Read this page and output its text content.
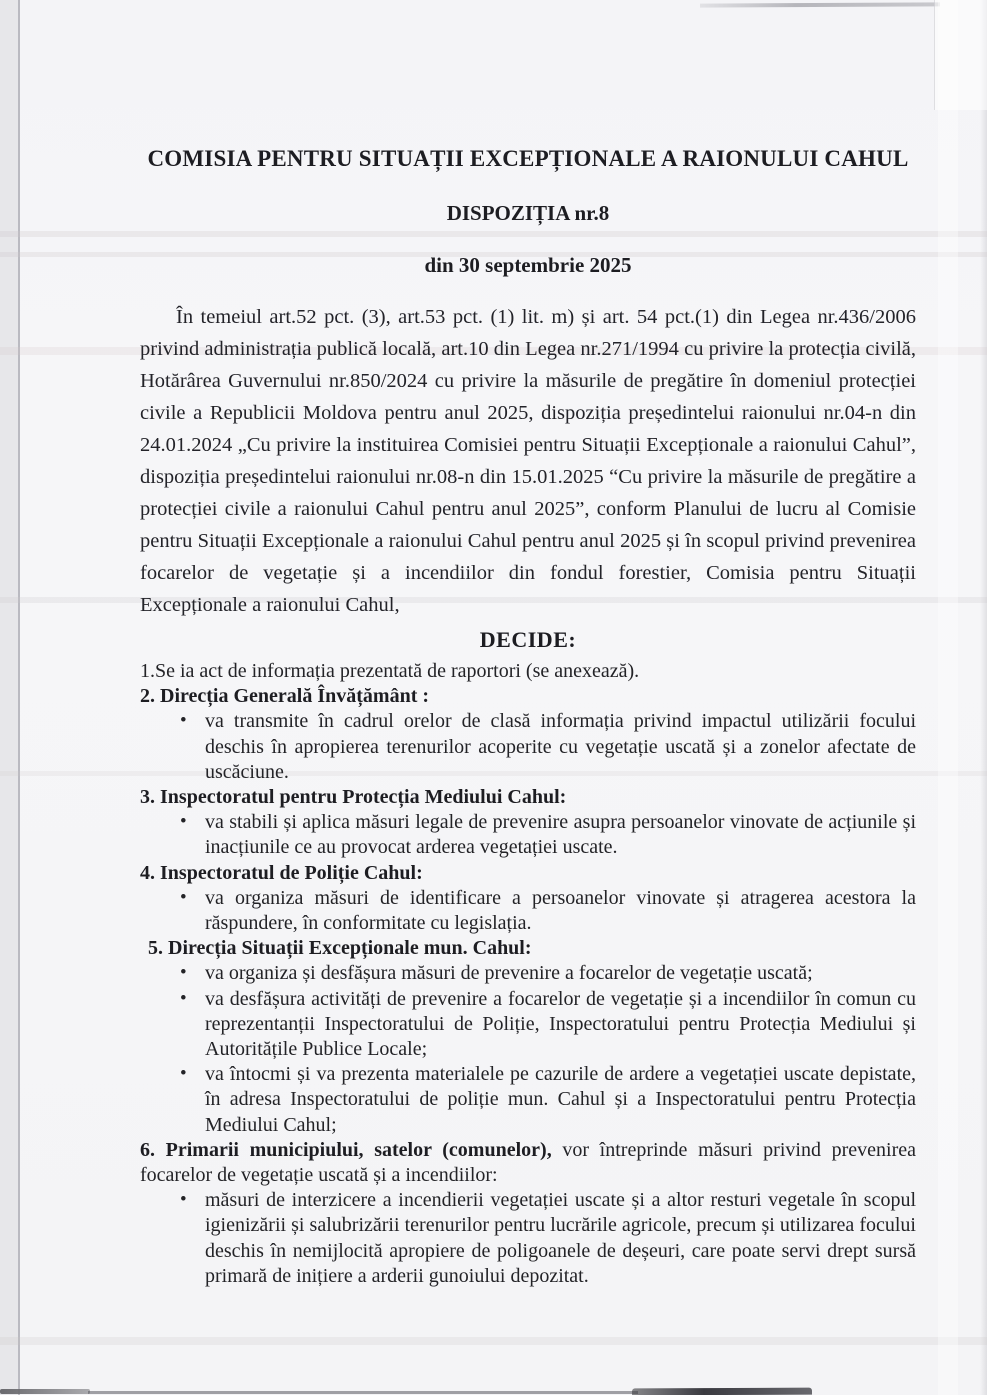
COMISIA PENTRU SITUAȚII EXCEPȚIONALE A RAIONULUI CAHUL
DISPOZIȚIA nr.8
din 30 septembrie 2025

În temeiul art.52 pct. (3), art.53 pct. (1) lit. m) și art. 54 pct.(1) din Legea nr.436/2006 privind administrația publică locală, art.10 din Legea nr.271/1994 cu privire la protecția civilă, Hotărârea Guvernului nr.850/2024 cu privire la măsurile de pregătire în domeniul protecției civile a Republicii Moldova pentru anul 2025, dispoziția președintelui raionului nr.04-n din 24.01.2024 „Cu privire la instituirea Comisiei pentru Situații Excepționale a raionului Cahul”, dispoziția președintelui raionului nr.08-n din 15.01.2025 “Cu privire la măsurile de pregătire a protecției civile a raionului Cahul pentru anul 2025”, conform Planului de lucru al Comisie pentru Situații Excepționale a raionului Cahul pentru anul 2025 și în scopul privind prevenirea focarelor de vegetație și a incendiilor din fondul forestier, Comisia pentru Situații Excepționale a raionului Cahul,

DECIDE:

1.Se ia act de informația prezentată de raportori (se anexează).

2. Direcția Generală Învățământ :

• va transmite în cadrul orelor de clasă informația privind impactul utilizării focului deschis în apropierea terenurilor acoperite cu vegetație uscată și a zonelor afectate de uscăciune.

3. Inspectoratul pentru Protecția Mediului Cahul:

• va stabili și aplica măsuri legale de prevenire asupra persoanelor vinovate de acțiunile și inacțiunile ce au provocat arderea vegetației uscate.

4. Inspectoratul de Poliție Cahul:

• va organiza măsuri de identificare a persoanelor vinovate și atragerea acestora la răspundere, în conformitate cu legislația.

5. Direcția Situații Excepționale mun. Cahul:

• va organiza și desfășura măsuri de prevenire a focarelor de vegetație uscată;
• va desfășura activități de prevenire a focarelor de vegetație și a incendiilor în comun cu reprezentanții Inspectoratului de Poliție, Inspectoratului pentru Protecția Mediului și Autoritățile Publice Locale;
• va întocmi și va prezenta materialele pe cazurile de ardere a vegetației uscate depistate, în adresa Inspectoratului de poliție mun. Cahul și a Inspectoratului pentru Protecția Mediului Cahul;

6. Primarii municipiului, satelor (comunelor), vor întreprinde măsuri privind prevenirea focarelor de vegetație uscată și a incendiilor:

• măsuri de interzicere a incendierii vegetației uscate și a altor resturi vegetale în scopul igienizării și salubrizării terenurilor pentru lucrările agricole, precum și utilizarea focului deschis în nemijlocită apropiere de poligoanele de deșeuri, care poate servi drept sursă primară de inițiere a arderii gunoiului depozitat.
